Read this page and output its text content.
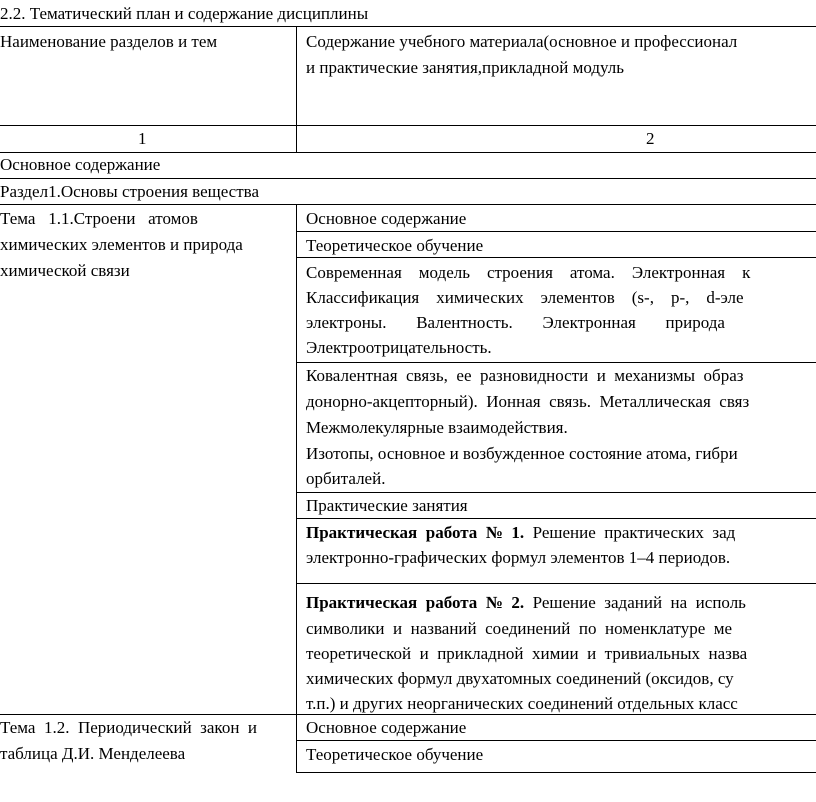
2.2. Тематический план и содержание дисциплины
Наименование разделов и тем	Содержание учебного материала(основное и профессионал
и практические занятия,прикладной модуль
1	2
Основное содержание
Раздел1.Основы строения вещества
Тема   1.1.Строени   атомов
химических элементов и природа
химической связи
Основное содержание
Теоретическое обучение
Современная    модель    строения    атома.    Электронная    к
Классификация    химических    элементов    (s-,    p-,    d-эле
электроны.       Валентность.       Электронная       природа
Электроотрицательность.
Ковалентная  связь,  ее  разновидности  и  механизмы  образ
донорно-акцепторный).  Ионная  связь.  Металлическая  связ
Межмолекулярные взаимодействия.
Изотопы, основное и возбужденное состояние атома, гибри
орбиталей.
Практические занятия
Практическая  работа  №  1.  Решение  практических  зад
электронно-графических формул элементов 1–4 периодов.
Практическая  работа  №  2.  Решение  заданий  на  исполь
символики  и  названий  соединений  по  номенклатуре  ме
теоретической  и  прикладной  химии  и  тривиальных  назва
химических формул двухатомных соединений (оксидов, су
т.п.) и других неорганических соединений отдельных класс
Тема  1.2.  Периодический  закон  и
таблица Д.И. Менделеева
Основное содержание
Теоретическое обучение
